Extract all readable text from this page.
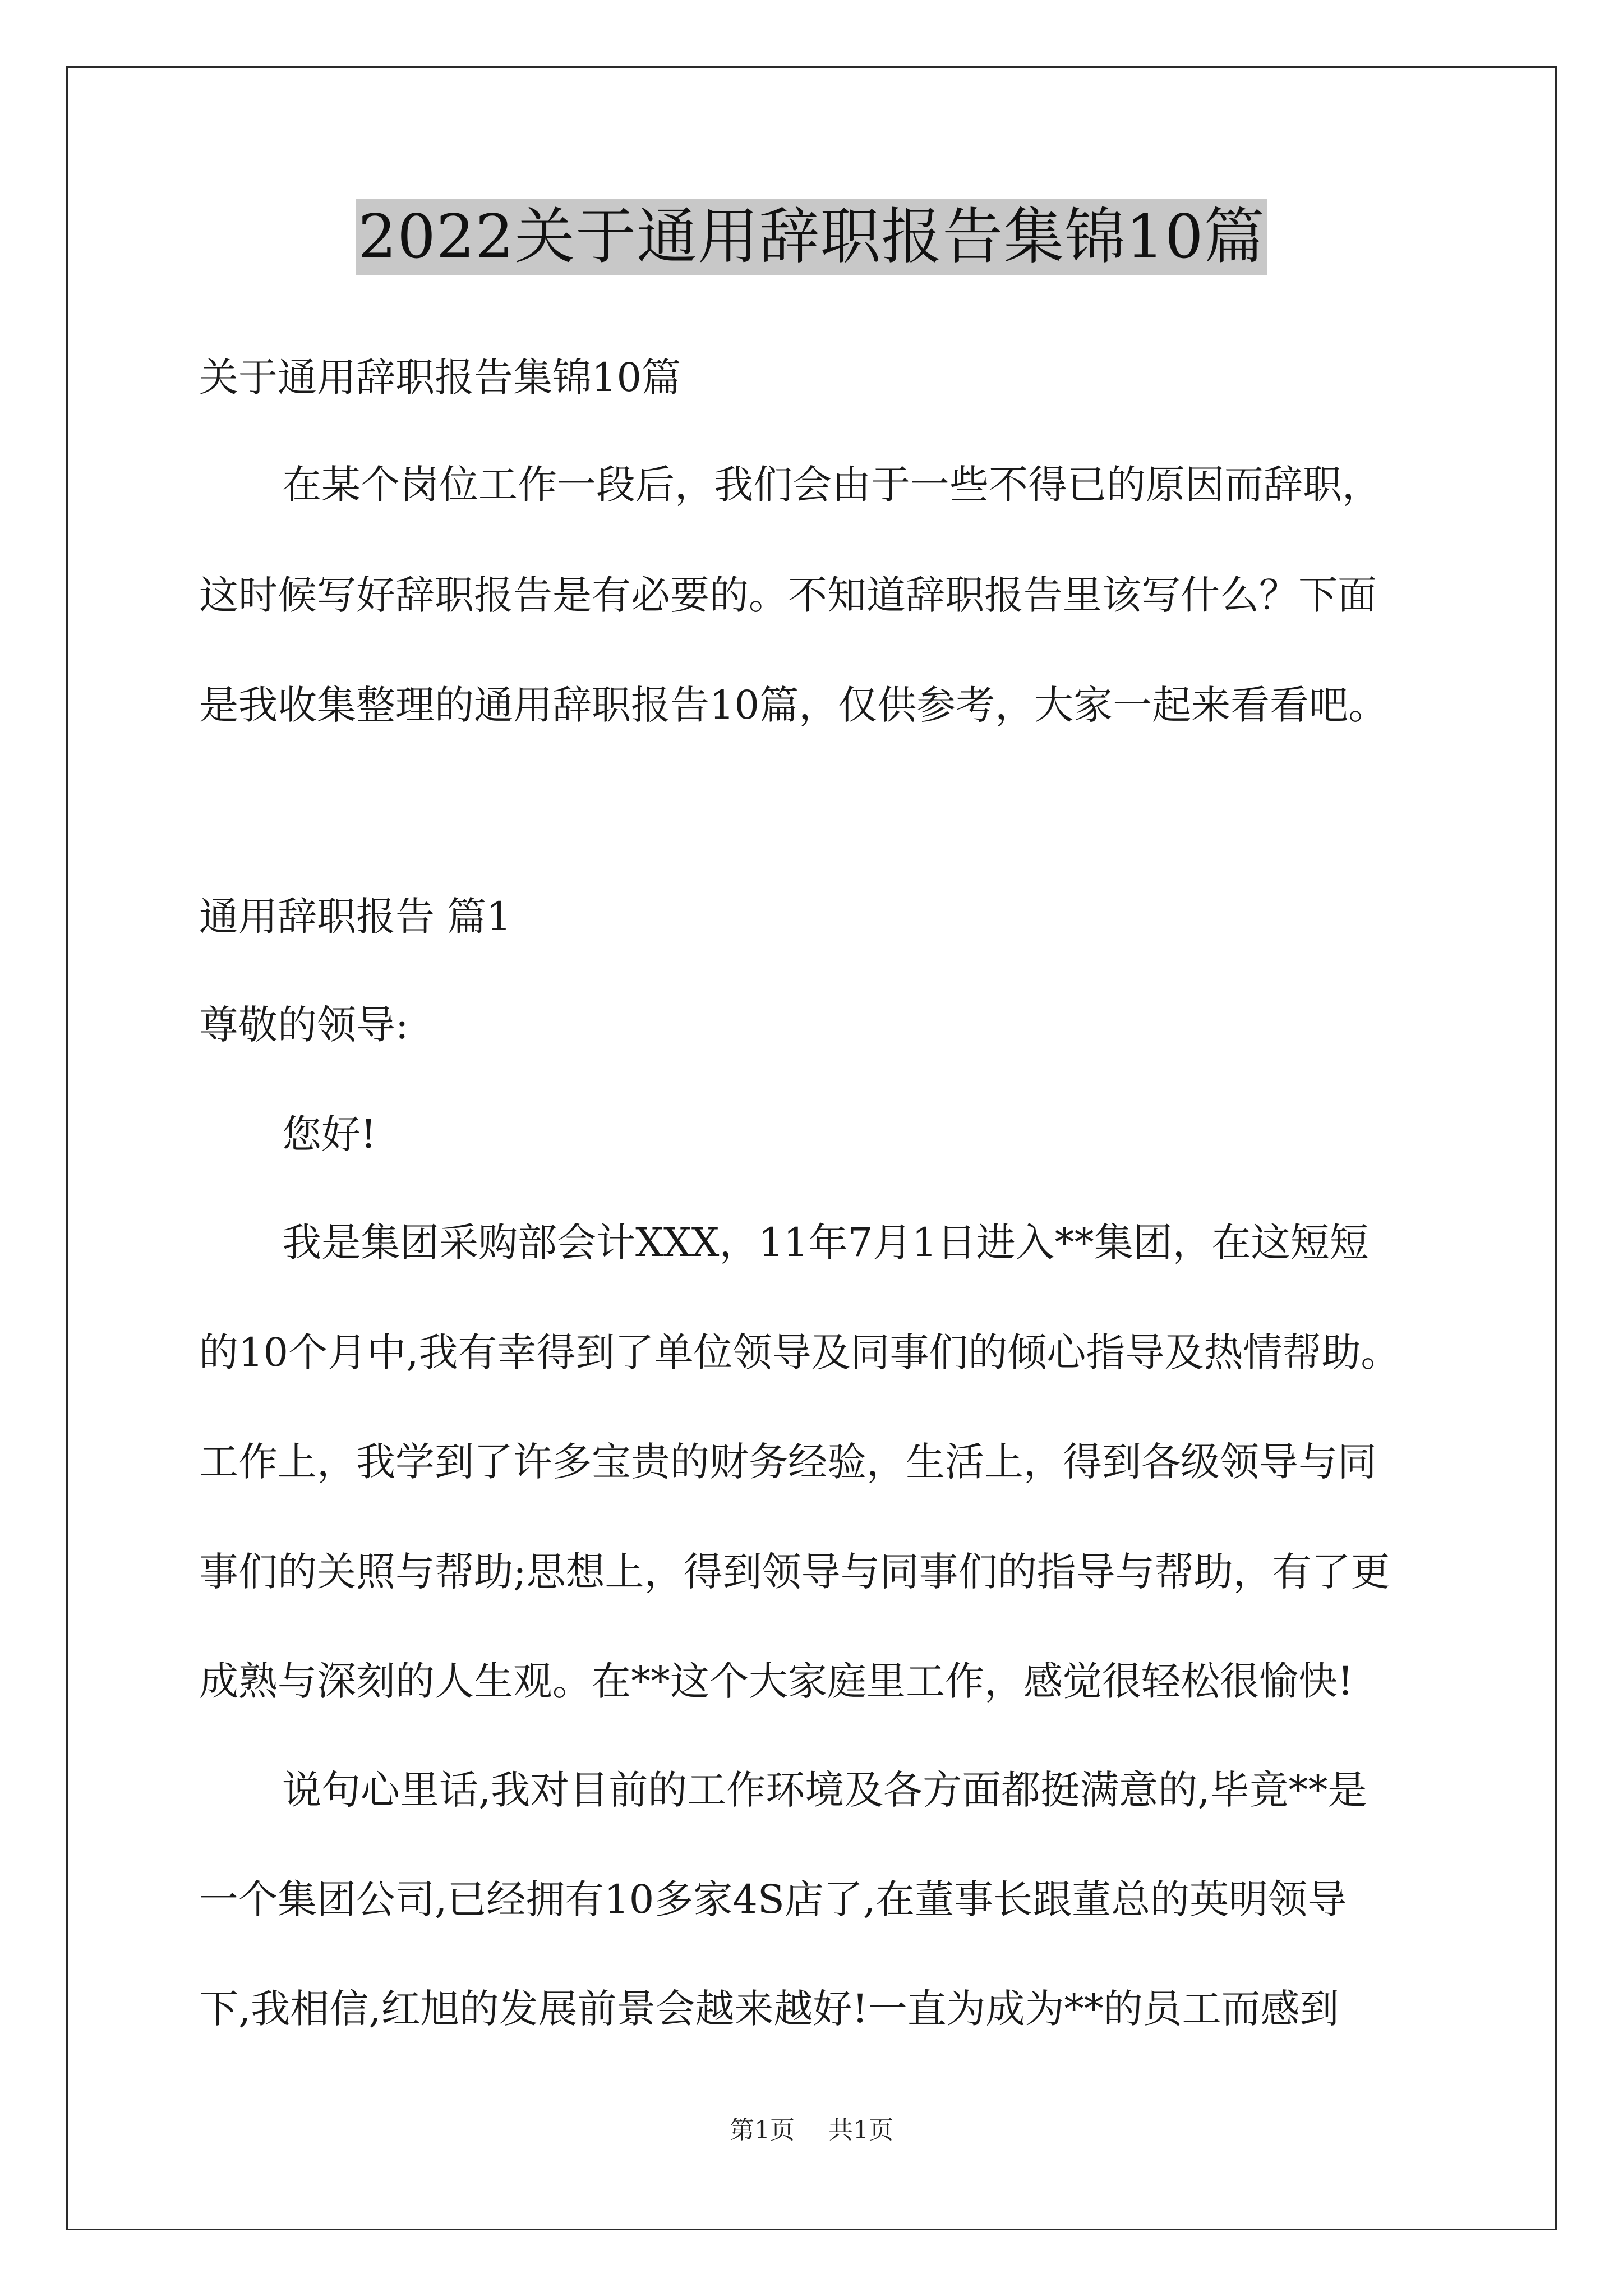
2022关于通用辞职报告集锦10篇

关于通用辞职报告集锦10篇

在某个岗位工作一段后，我们会由于一些不得已的原因而辞职，

这时候写好辞职报告是有必要的。不知道辞职报告里该写什么？下面

是我收集整理的通用辞职报告10篇，仅供参考，大家一起来看看吧。

通用辞职报告 篇1

尊敬的领导:

您好!

我是集团采购部会计XXX，11年7月1日进入**集团，在这短短

的10个月中,我有幸得到了单位领导及同事们的倾心指导及热情帮助。

工作上，我学到了许多宝贵的财务经验，生活上，得到各级领导与同

事们的关照与帮助;思想上，得到领导与同事们的指导与帮助，有了更

成熟与深刻的人生观。在**这个大家庭里工作，感觉很轻松很愉快!

说句心里话,我对目前的工作环境及各方面都挺满意的,毕竟**是

一个集团公司,已经拥有10多家4S店了,在董事长跟董总的英明领导

下,我相信,红旭的发展前景会越来越好!一直为成为**的员工而感到

第1页 共1页
